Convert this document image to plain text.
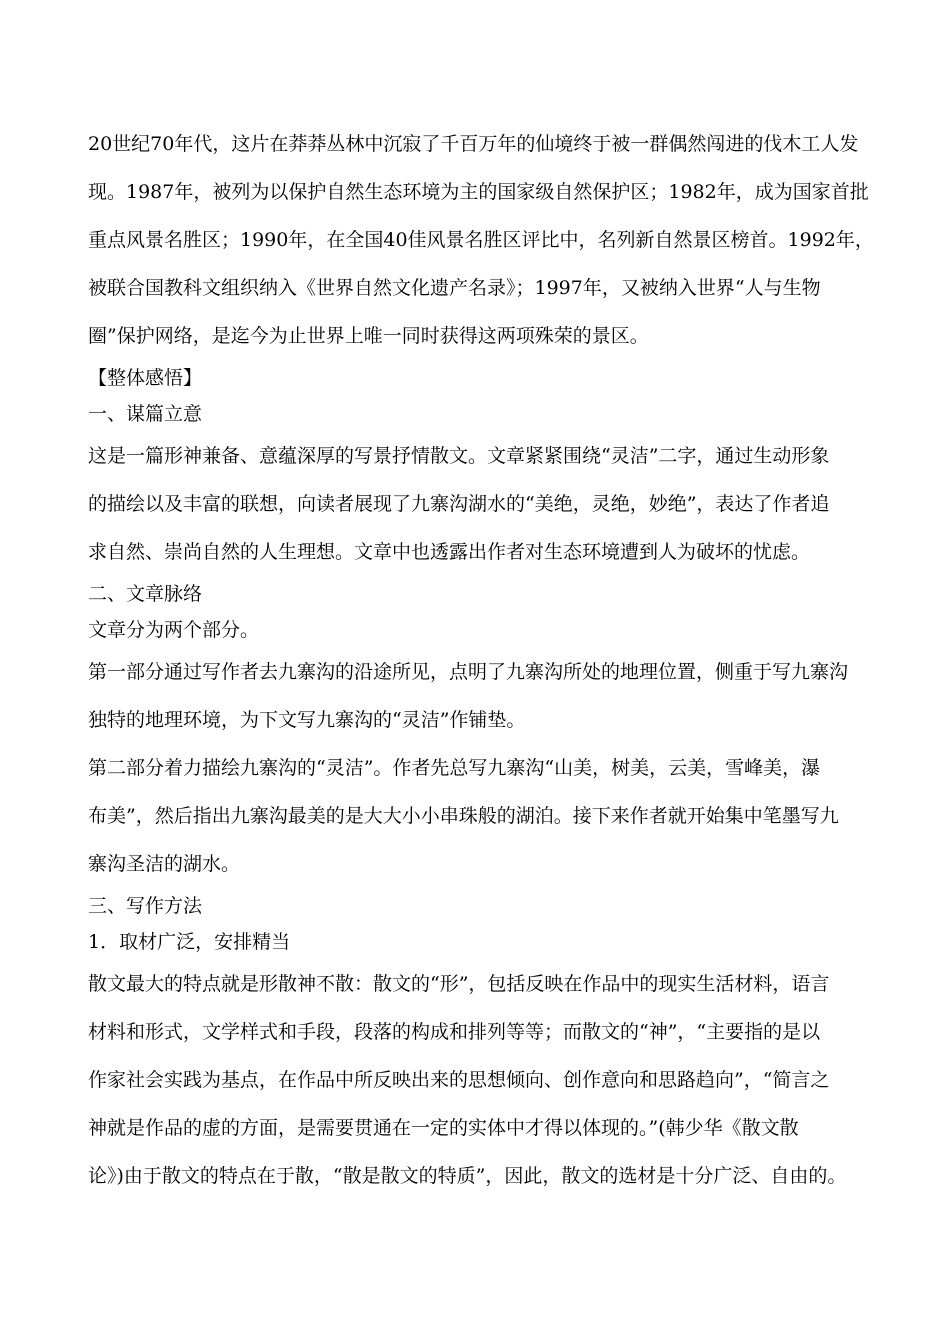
20世纪70年代，这片在莽莽丛林中沉寂了千百万年的仙境终于被一群偶然闯进的伐木工人发
现。1987年，被列为以保护自然生态环境为主的国家级自然保护区；1982年，成为国家首批
重点风景名胜区；1990年，在全国40佳风景名胜区评比中，名列新自然景区榜首。1992年，
被联合国教科文组织纳入《世界自然文化遗产名录》；1997年，又被纳入世界“人与生物
圈”保护网络，是迄今为止世界上唯一同时获得这两项殊荣的景区。
【整体感悟】
一、谋篇立意
这是一篇形神兼备、意蕴深厚的写景抒情散文。文章紧紧围绕“灵洁”二字，通过生动形象
的描绘以及丰富的联想，向读者展现了九寨沟湖水的“美绝，灵绝，妙绝”，表达了作者追
求自然、崇尚自然的人生理想。文章中也透露出作者对生态环境遭到人为破坏的忧虑。
二、文章脉络
文章分为两个部分。
第一部分通过写作者去九寨沟的沿途所见，点明了九寨沟所处的地理位置，侧重于写九寨沟
独特的地理环境，为下文写九寨沟的“灵洁”作铺垫。
第二部分着力描绘九寨沟的“灵洁”。作者先总写九寨沟“山美，树美，云美，雪峰美，瀑
布美”，然后指出九寨沟最美的是大大小小串珠般的湖泊。接下来作者就开始集中笔墨写九
寨沟圣洁的湖水。
三、写作方法
1．取材广泛，安排精当
散文最大的特点就是形散神不散：散文的“形”，包括反映在作品中的现实生活材料，语言
材料和形式，文学样式和手段，段落的构成和排列等等；而散文的“神”，“主要指的是以
作家社会实践为基点，在作品中所反映出来的思想倾向、创作意向和思路趋向”，“简言之
神就是作品的虚的方面，是需要贯通在一定的实体中才得以体现的。”(韩少华《散文散
论》)由于散文的特点在于散，“散是散文的特质”，因此，散文的选材是十分广泛、自由的。
